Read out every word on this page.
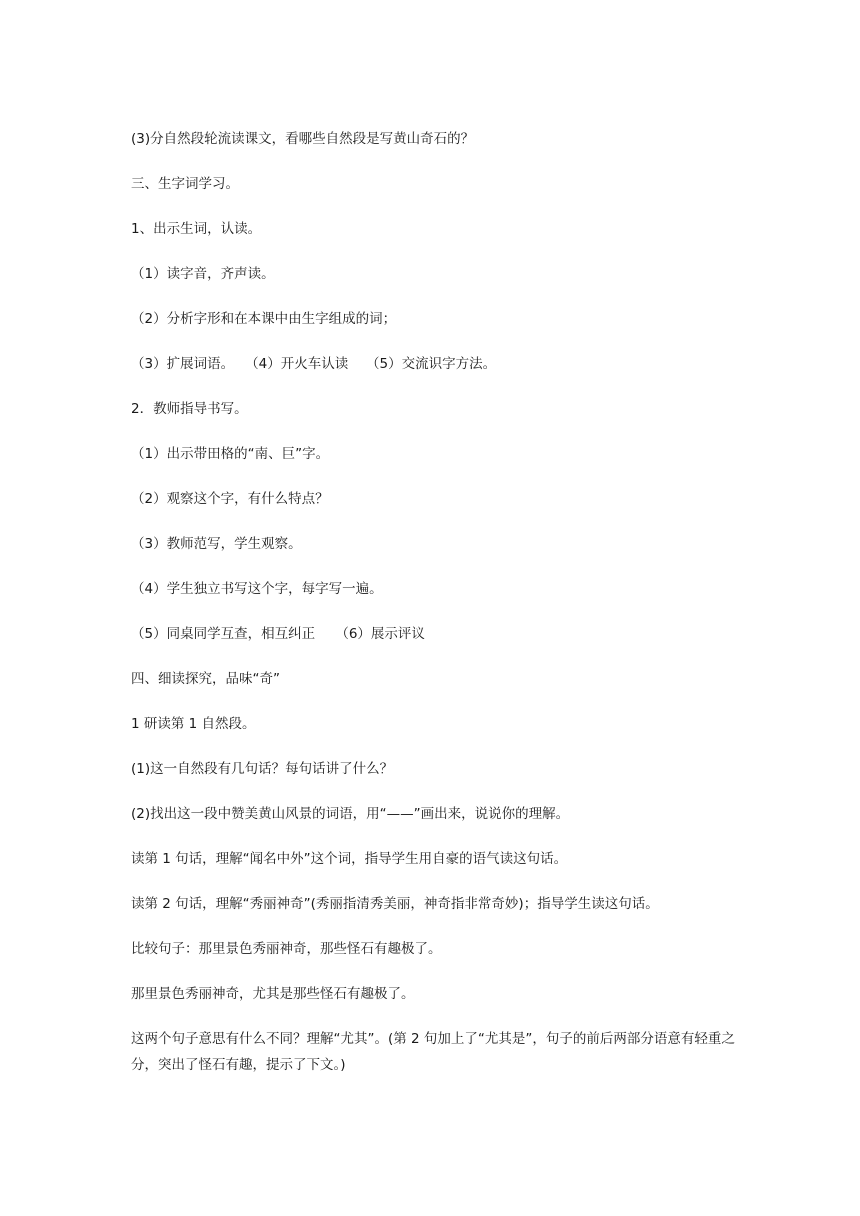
(3)分自然段轮流读课文，看哪些自然段是写黄山奇石的？
三、生字词学习。
1、出示生词，认读。
（1）读字音，齐声读。
（2）分析字形和在本课中由生字组成的词；
（3）扩展词语。　 （4）开火车认读　 （5）交流识字方法。
2．教师指导书写。
（1）出示带田格的“南、巨”字。
（2）观察这个字，有什么特点？
（3）教师范写，学生观察。
（4）学生独立书写这个字，每字写一遍。
（5）同桌同学互查，相互纠正　　（6）展示评议
四、细读探究，品味“奇”
1 研读第 1 自然段。
(1)这一自然段有几句话？每句话讲了什么？
(2)找出这一段中赞美黄山风景的词语，用“——”画出来，说说你的理解。
读第 1 句话，理解“闻名中外”这个词，指导学生用自豪的语气读这句话。
读第 2 句话，理解“秀丽神奇”(秀丽指清秀美丽，神奇指非常奇妙)；指导学生读这句话。
比较句子：那里景色秀丽神奇，那些怪石有趣极了。
那里景色秀丽神奇，尤其是那些怪石有趣极了。
这两个句子意思有什么不同？理解“尤其”。(第 2 句加上了“尤其是”，句子的前后两部分语意有轻重之分，突出了怪石有趣，提示了下文。)
